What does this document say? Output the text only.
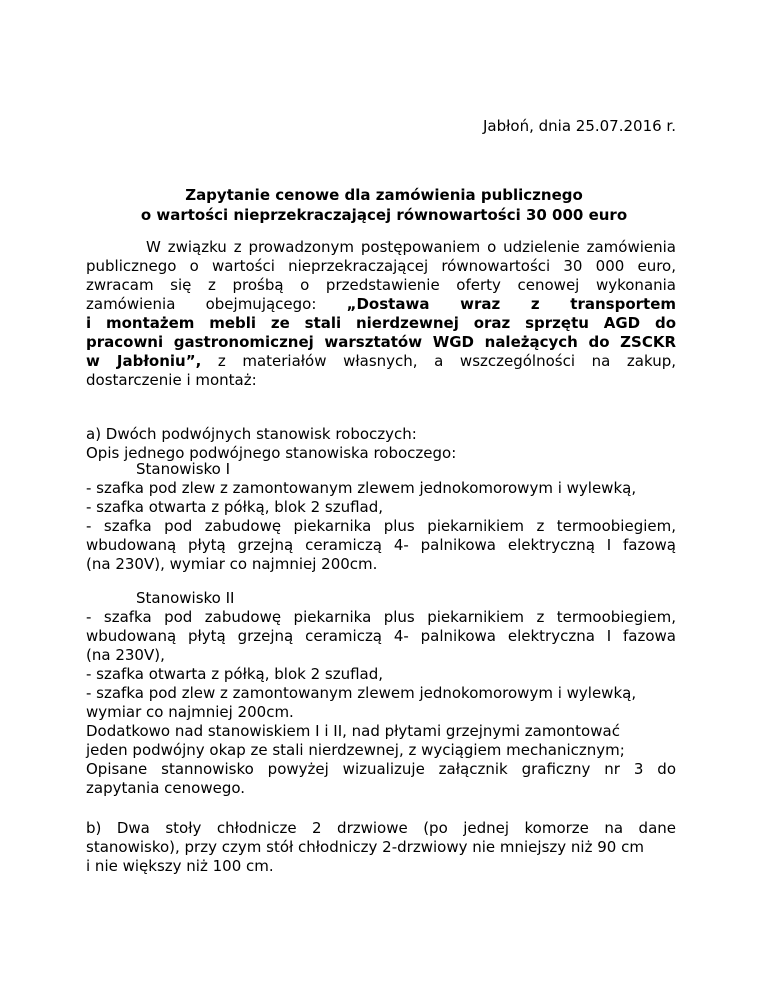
Jabłoń, dnia 25.07.2016 r.
Zapytanie cenowe dla zamówienia publicznego
o wartości nieprzekraczającej równowartości 30 000 euro
W związku z prowadzonym postępowaniem o udzielenie zamówienia
publicznego o wartości nieprzekraczającej równowartości 30 000 euro,
zwracam się z prośbą o przedstawienie oferty cenowej wykonania
zamówienia obejmującego: „Dostawa wraz z transportem
i montażem mebli ze stali nierdzewnej oraz sprzętu AGD do
pracowni gastronomicznej warsztatów WGD należących do ZSCKR
w Jabłoniu”, z materiałów własnych, a wszczególności na zakup,
dostarczenie i montaż:
a) Dwóch podwójnych stanowisk roboczych:
Opis jednego podwójnego stanowiska roboczego:
Stanowisko I
- szafka pod zlew z zamontowanym zlewem jednokomorowym i wylewką,
- szafka otwarta z półką, blok 2 szuflad,
- szafka pod zabudowę piekarnika plus piekarnikiem z termoobiegiem,
wbudowaną płytą grzejną ceramiczą 4- palnikowa elektryczną I fazową
(na 230V), wymiar co najmniej 200cm.
Stanowisko II
- szafka pod zabudowę piekarnika plus piekarnikiem z termoobiegiem,
wbudowaną płytą grzejną ceramiczą 4- palnikowa elektryczna I fazowa
(na 230V),
- szafka otwarta z półką, blok 2 szuflad,
- szafka pod zlew z zamontowanym zlewem jednokomorowym i wylewką,
wymiar co najmniej 200cm.
Dodatkowo nad stanowiskiem I i II, nad płytami grzejnymi zamontować
jeden podwójny okap ze stali nierdzewnej, z wyciągiem mechanicznym;
Opisane stannowisko powyżej wizualizuje załącznik graficzny nr 3 do
zapytania cenowego.
b) Dwa stoły chłodnicze 2 drzwiowe (po jednej komorze na dane
stanowisko), przy czym stół chłodniczy 2-drzwiowy nie mniejszy niż 90 cm
i nie większy niż 100 cm.
